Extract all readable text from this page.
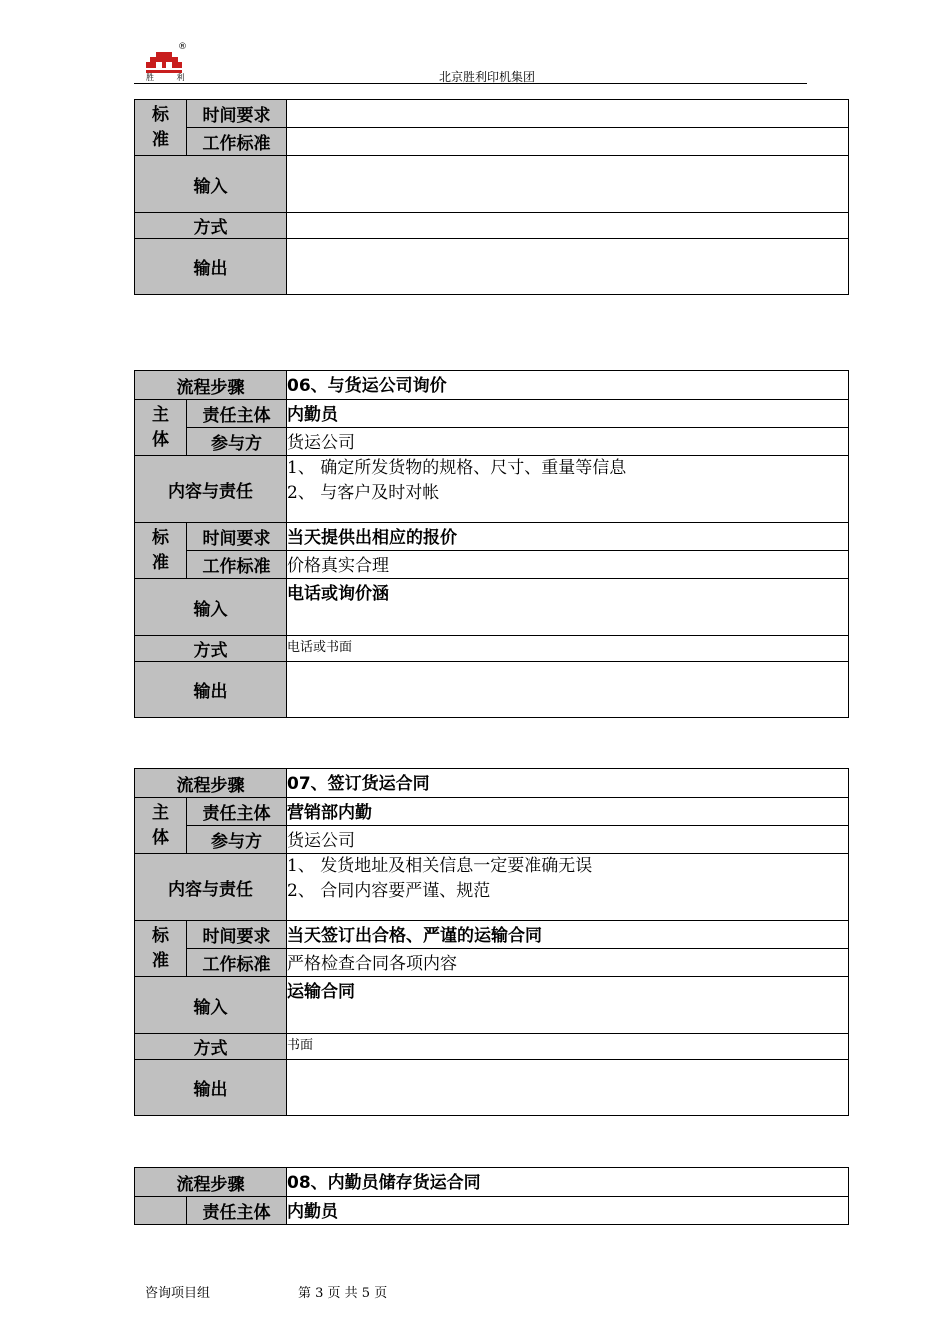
®
胜 利	北京胜利印机集团
标
准	时间要求	
	工作标准	
输入		
方式		
输出		
流程步骤		06、与货运公司询价

主
体	责任主体	内勤员
	参与方	货运公司
内容与责任		1、 确定所发货物的规格、尺寸、重量等信息
2、 与客户及时对帐

标
准	时间要求	当天提供出相应的报价
	工作标准	价格真实合理
输入		电话或询价涵
方式		电话或书面
输出		
流程步骤		07、签订货运合同

主
体	责任主体	营销部内勤
	参与方	货运公司
内容与责任		1、 发货地址及相关信息一定要准确无误
2、 合同内容要严谨、规范

标
准	时间要求	当天签订出合格、严谨的运输合同
	工作标准	严格检查合同各项内容
输入		运输合同
方式		书面
输出		
流程步骤		08、内勤员储存货运合同
	责任主体	内勤员
咨询项目组	第 3 页 共 5 页
